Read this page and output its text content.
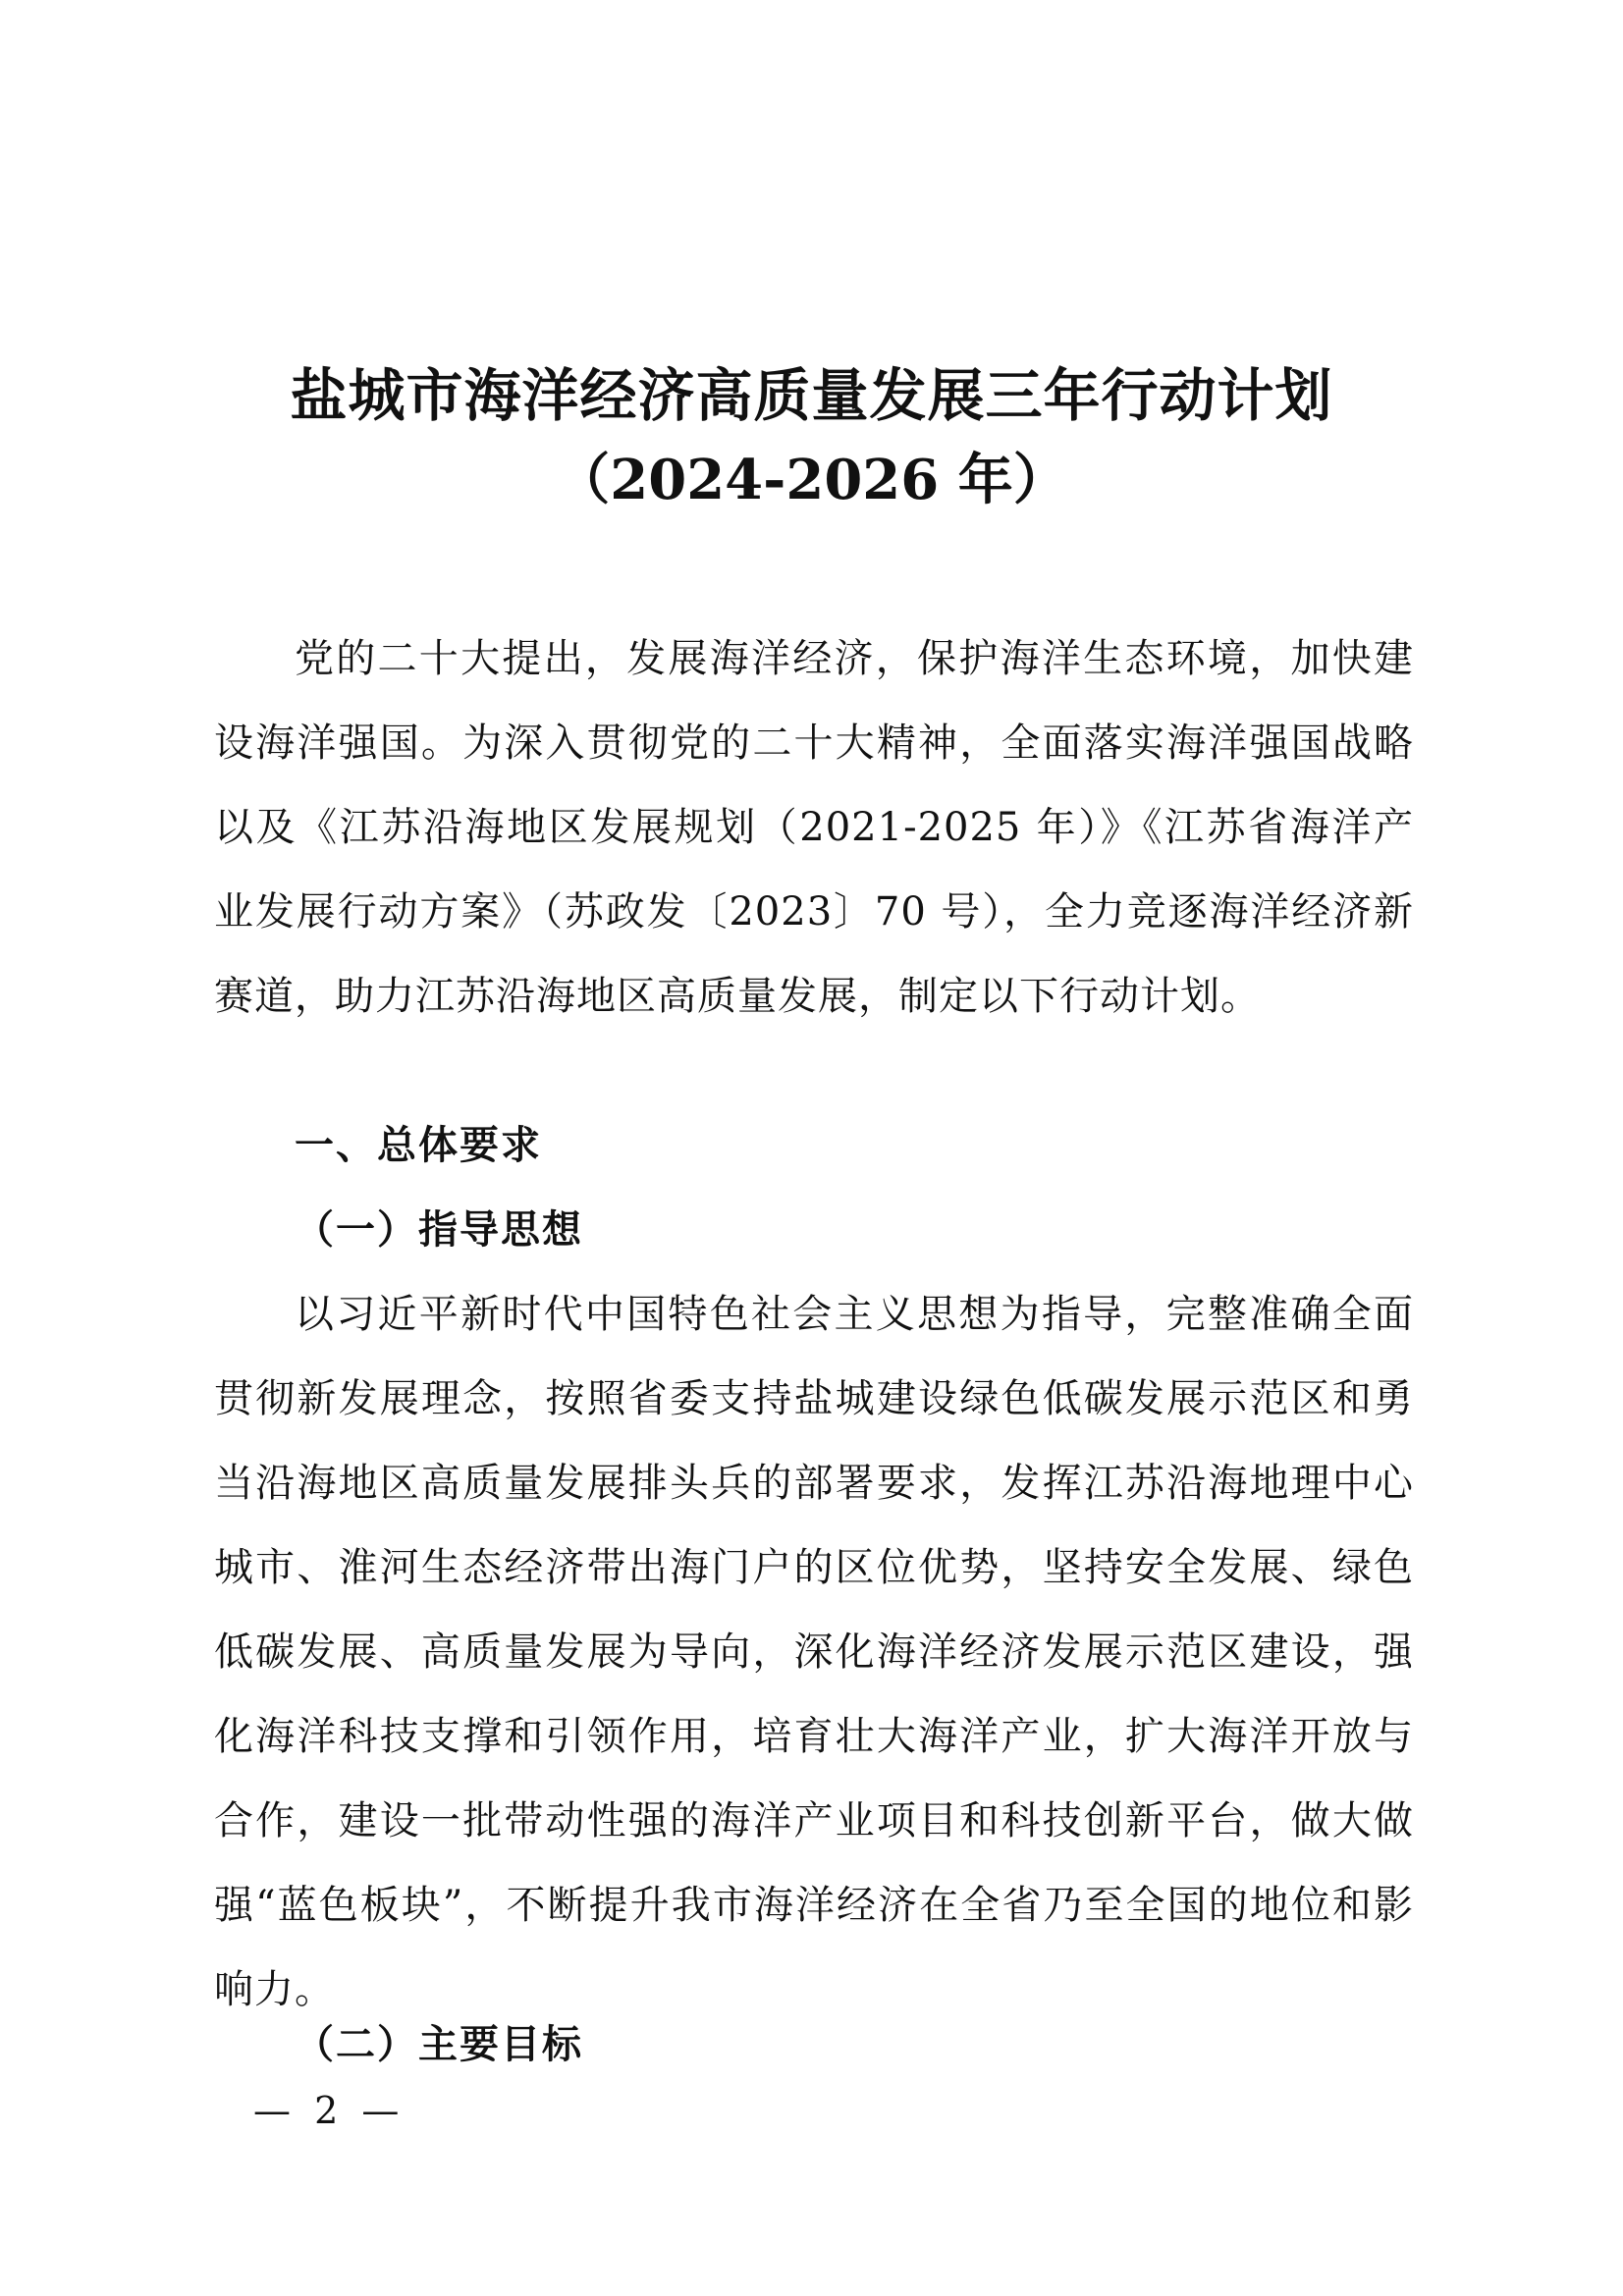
盐城市海洋经济高质量发展三年行动计划

（2024-2026 年）

党的二十大提出，发展海洋经济，保护海洋生态环境，加快建设海洋强国。为深入贯彻党的二十大精神，全面落实海洋强国战略以及《江苏沿海地区发展规划（2021-2025 年）》《江苏省海洋产业发展行动方案》（苏政发〔2023〕70 号），全力竞逐海洋经济新赛道，助力江苏沿海地区高质量发展，制定以下行动计划。

一、总体要求

（一）指导思想

以习近平新时代中国特色社会主义思想为指导，完整准确全面贯彻新发展理念，按照省委支持盐城建设绿色低碳发展示范区和勇当沿海地区高质量发展排头兵的部署要求，发挥江苏沿海地理中心城市、淮河生态经济带出海门户的区位优势，坚持安全发展、绿色低碳发展、高质量发展为导向，深化海洋经济发展示范区建设，强化海洋科技支撑和引领作用，培育壮大海洋产业，扩大海洋开放与合作，建设一批带动性强的海洋产业项目和科技创新平台，做大做强“蓝色板块”，不断提升我市海洋经济在全省乃至全国的地位和影响力。

（二）主要目标

— 2 —
